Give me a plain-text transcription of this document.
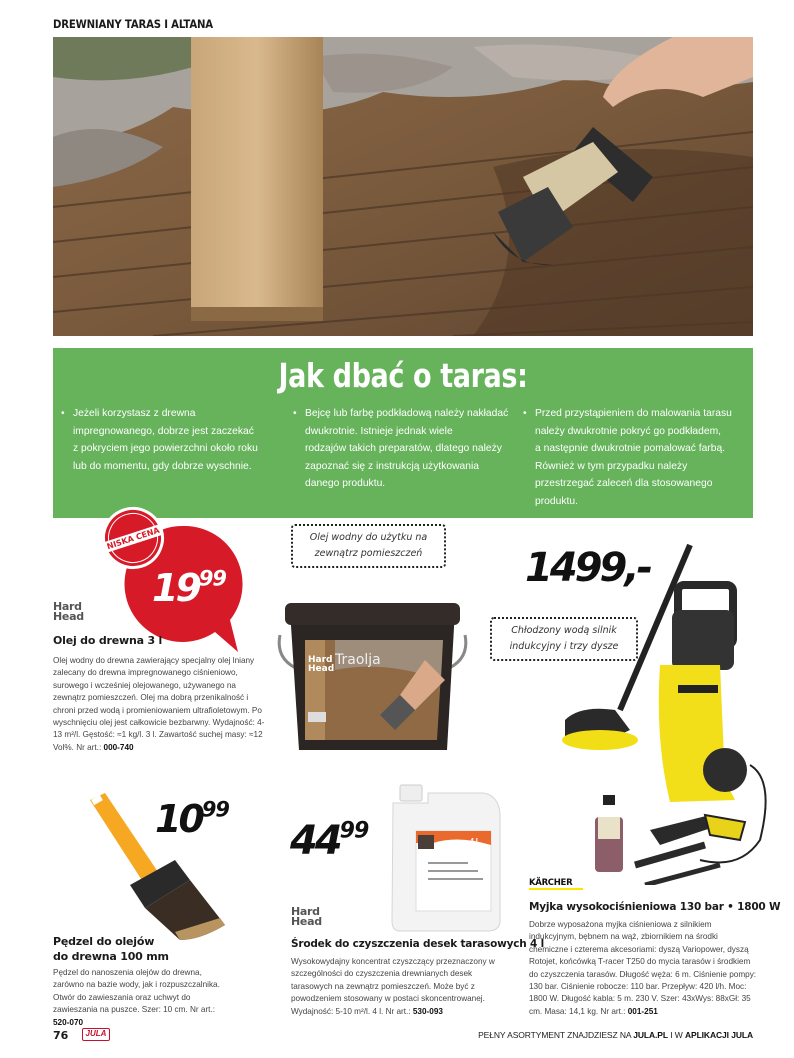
DREWNIANY TARAS I ALTANA
Jak dbać o taras:
• Jeżeli korzystasz z drewna
impregnowanego, dobrze jest zaczekać
z pokryciem jego powierzchni około roku
lub do momentu, gdy dobrze wyschnie.
• Bejcę lub farbę podkładową należy nakładać
dwukrotnie. Istnieje jednak wiele
rodzajów takich preparatów, dlatego należy
zapoznać się z instrukcją użytkowania
danego produktu.
• Przed przystąpieniem do malowania tarasu
należy dwukrotnie pokryć go podkładem,
a następnie dwukrotnie pomalować farbą.
Również w tym przypadku należy
przestrzegać zaleceń dla stosowanego
produktu.
$19^{99}$
NISKA CENA
Hard
Head
Olej do drewna 3 l
Olej wodny do drewna zawierający specjalny olej lniany zalecany do drewna impregnowanego ciśnieniowo, surowego i wcześniej olejowanego, używanego na zewnątrz pomieszczeń. Olej ma dobrą przenikalność i chroni przed wodą i promieniowaniem ultrafioletowym. Po wyschnięciu olej jest całkowicie bezbarwny. Wydajność: 4-13 m²/l. Gęstość: ≈1 kg/l. 3 l. Zawartość suchej masy: ≈12 Vol%. Nr art.: 000-740
Olej wodny do użytku na zewnątrz pomieszczeń
Hard
Head
Traolja
1499,-
Chłodzony wodą silnik indukcyjny i trzy dysze
KÄRCHER
Myjka wysokociśnieniowa 130 bar • 1800 W
Dobrze wyposażona myjka ciśnieniowa z silnikiem indukcyjnym, bębnem na wąż, zbiornikiem na środki chemiczne i czterema akcesoriami: dyszą Variopower, dyszą Rotojet, końcówką T-racer T250 do mycia tarasów i środkiem do czyszczenia tarasów. Długość węża: 6 m. Ciśnienie pompy: 130 bar. Ciśnienie robocze: 110 bar. Przepływ: 420 l/h. Moc: 1800 W. Długość kabla: 5 m. 230 V. Szer: 43xWys: 88xGł: 35 cm. Masa: 14,1 kg. Nr art.: 001-251
$10^{99}$
Pędzel do olejów
do drewna 100 mm
Pędzel do nanoszenia olejów do drewna, zarówno na bazie wody, jak i rozpuszczalnika. Otwór do zawieszania oraz uchwyt do zawieszania na puszce. Szer: 10 cm. Nr art.: 520-070
$44^{99}$	4 L
Hard
Head
Środek do czyszczenia desek tarasowych 4 l
Wysokowydajny koncentrat czyszczący przeznaczony w szczególności do czyszczenia drewnianych desek tarasowych na zewnątrz pomieszczeń. Może być z powodzeniem stosowany w postaci skoncentrowanej. Wydajność: 5-10 m²/l. 4 l. Nr art.: 530-093
76	JULA	PEŁNY ASORTYMENT ZNAJDZIESZ NA JULA.PL I W APLIKACJI JULA
